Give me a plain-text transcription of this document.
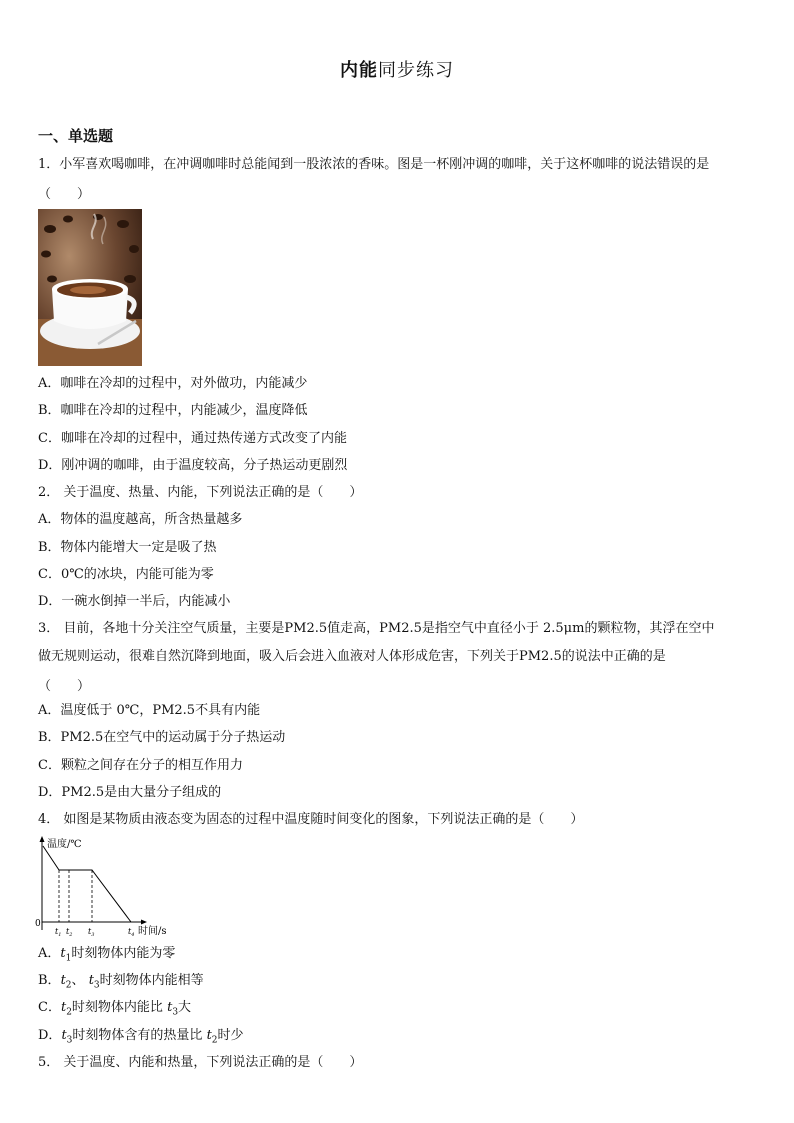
内能同步练习
一、单选题
1．小军喜欢喝咖啡，在冲调咖啡时总能闻到一股浓浓的香味。图是一杯刚冲调的咖啡，关于这杯咖啡的说法错误的是
（　　）
A．咖啡在冷却的过程中，对外做功，内能减少
B．咖啡在冷却的过程中，内能减少，温度降低
C．咖啡在冷却的过程中，通过热传递方式改变了内能
D．刚冲调的咖啡，由于温度较高，分子热运动更剧烈
2． 关于温度、热量、内能，下列说法正确的是（　　）
A．物体的温度越高，所含热量越多
B．物体内能增大一定是吸了热
C．0℃的冰块，内能可能为零
D．一碗水倒掉一半后，内能减小
3． 目前，各地十分关注空气质量，主要是PM2.5值走高，PM2.5是指空气中直径小于 2.5μm的颗粒物，其浮在空中
做无规则运动，很难自然沉降到地面，吸入后会进入血液对人体形成危害，下列关于PM2.5的说法中正确的是
（　　）
A．温度低于 0℃，PM2.5不具有内能
B．PM2.5在空气中的运动属于分子热运动
C．颗粒之间存在分子的相互作用力
D．PM2.5是由大量分子组成的
4． 如图是某物质由液态变为固态的过程中温度随时间变化的图象，下列说法正确的是（　　）
温度/℃
0
时间/s
$t_1$ $t_2$ $t_3$	$t_4$
A．$t_1$时刻物体内能为零
B．$t_2$、 $t_3$时刻物体内能相等
C．$t_2$时刻物体内能比 $t_3$大
D．$t_3$时刻物体含有的热量比 $t_2$时少
5． 关于温度、内能和热量，下列说法正确的是（　　）
